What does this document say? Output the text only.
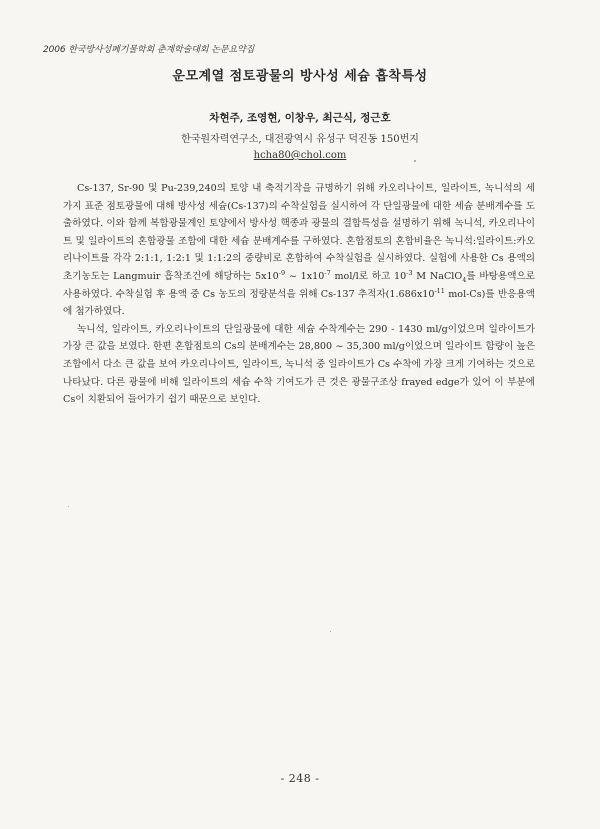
2006 한국방사성폐기물학회 춘계학술대회 논문요약집
운모계열 점토광물의 방사성 세슘 흡착특성
차현주, 조영현, 이창우, 최근식, 정근호
한국원자력연구소, 대전광역시 유성구 덕진동 150번지
hcha80@chol.com

Cs-137, Sr-90 및 Pu-239,240의 토양 내 축적기작을 규명하기 위해 카오리나이트, 일라이트, 녹니석의 세가지 표준 점토광물에 대해 방사성 세슘(Cs-137)의 수착실험을 실시하여 각 단일광물에 대한 세슘 분배계수를 도출하였다. 이와 함께 복합광물계인 토양에서 방사성 핵종과 광물의 결합특성을 설명하기 위해 녹니석, 카오리나이트 및 일라이트의 혼합광물 조합에 대한 세슘 분배계수를 구하였다. 혼합점토의 혼합비율은 녹니석:일라이트:카오리나이트를 각각 2:1:1, 1:2:1 및 1:1:2의 중량비로 혼합하여 수착실험을 실시하였다. 실험에 사용한 Cs 용액의 초기농도는 Langmuir 흡착조건에 해당하는 $5x10^{-9}$ ~ $1x10^{-7}$ mol/l로 하고 $10^{-3}$ M NaClO$_4$를 바탕용액으로 사용하였다. 수착실험 후 용액 중 Cs 농도의 정량분석을 위해 Cs-137 추적자($1.686x10^{-11}$ mol-Cs)를 반응용액에 첨가하였다.

녹니석, 일라이트, 카오리나이트의 단일광물에 대한 세슘 수착계수는 290 - 1430 ml/g이었으며 일라이트가 가장 큰 값을 보였다. 한편 혼합점토의 Cs의 분배계수는 28,800 ~ 35,300 ml/g이었으며 일라이트 함량이 높은 조합에서 다소 큰 값을 보여 카오리나이트, 일라이트, 녹니석 중 일라이트가 Cs 수착에 가장 크게 기여하는 것으로 나타났다. 다른 광물에 비해 일라이트의 세슘 수착 기여도가 큰 것은 광물구조상 frayed edge가 있어 이 부분에 Cs이 치환되어 들어가기 쉽기 때문으로 보인다.

- 248 -
